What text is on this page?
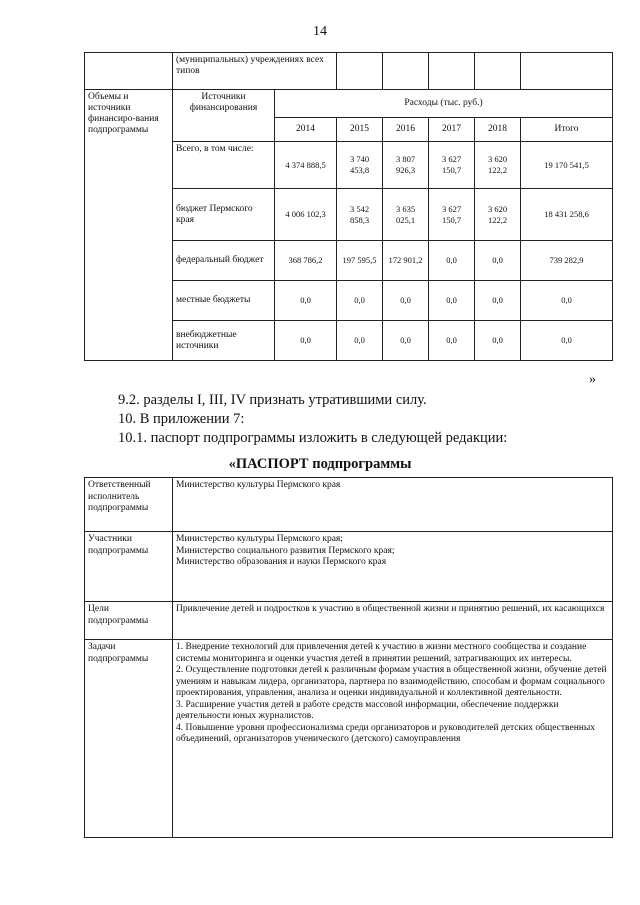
14
	(муниципальных) учреждениях всех типов						
Объемы и источники финансиро-вания подпрограммы	Источники финансирования	Расходы (тыс. руб.)					
		2014	2015	2016	2017	2018	Итого
	Всего, в том числе:	4 374 888,5	3 740 453,8	3 807 926,3	3 627 150,7	3 620 122,2	19 170 541,5
	бюджет Пермского края	4 006 102,3	3 542 858,3	3 635 025,1	3 627 150,7	3 620 122,2	18 431 258,6
	федеральный бюджет	368 786,2	197 595,5	172 901,2	0,0	0,0	739 282,9
	местные бюджеты	0,0	0,0	0,0	0,0	0,0	0,0
	внебюджетные источники	0,0	0,0	0,0	0,0	0,0	0,0
»
9.2. разделы I, III, IV признать утратившими силу.
10. В приложении 7:
10.1. паспорт подпрограммы изложить в следующей редакции:
«ПАСПОРТ подпрограммы
Ответственный исполнитель подпрограммы	Министерство культуры Пермского края

Участники подпрограммы	Министерство культуры Пермского края;
Министерство социального развития Пермского края;
Министерство образования и науки Пермского края

Цели подпрограммы	Привлечение детей и подростков к участию в общественной жизни и принятию решений, их касающихся

Задачи подпрограммы	1. Внедрение технологий для привлечения детей к участию в жизни местного сообщества и создание системы мониторинга и оценки участия детей в принятии решений, затрагивающих их интересы.
2. Осуществление подготовки детей к различным формам участия в общественной жизни, обучение детей умениям и навыкам лидера, организатора, партнера по взаимодействию, способам и формам социального проектирования, управления, анализа и оценки индивидуальной и коллективной деятельности.
3. Расширение участия детей в работе средств массовой информации, обеспечение поддержки деятельности юных журналистов.
4. Повышение уровня профессионализма среди организаторов и руководителей детских общественных объединений, организаторов ученического (детского) самоуправления
